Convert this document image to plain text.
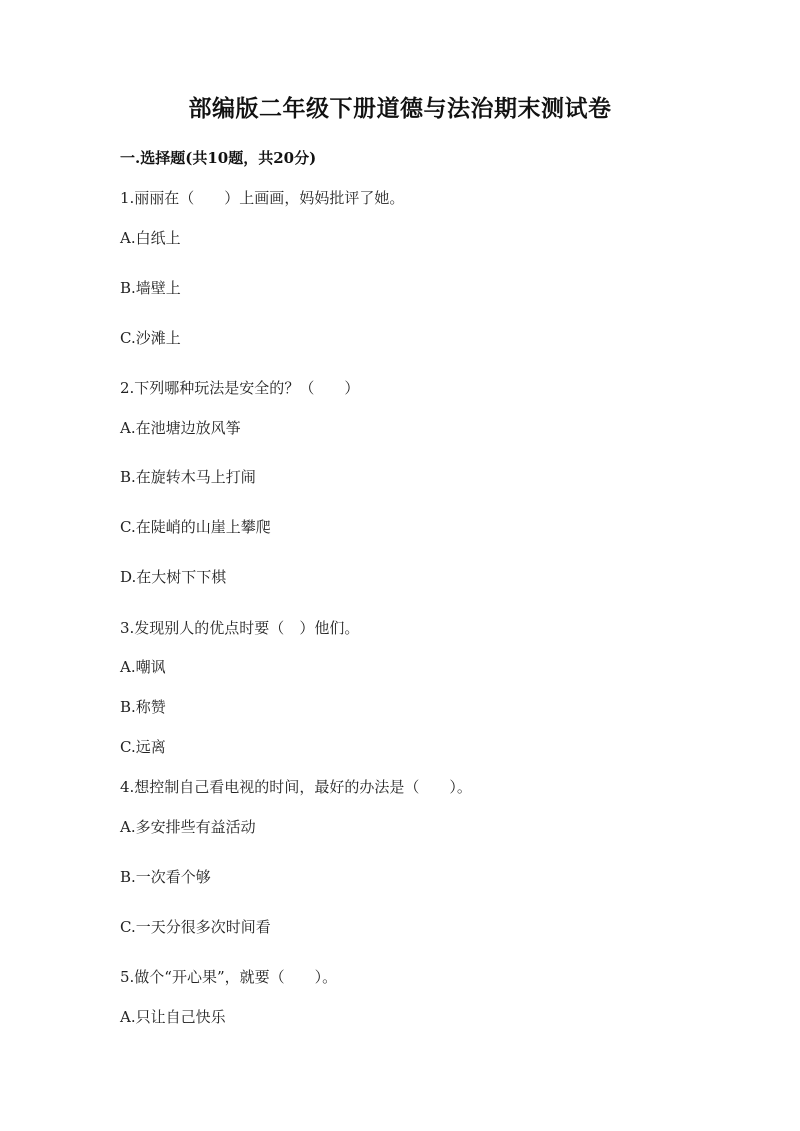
部编版二年级下册道德与法治期末测试卷
一.选择题(共10题，共20分)
1.丽丽在（　　）上画画，妈妈批评了她。
A.白纸上
B.墙壁上
C.沙滩上
2.下列哪种玩法是安全的？（　　）
A.在池塘边放风筝
B.在旋转木马上打闹
C.在陡峭的山崖上攀爬
D.在大树下下棋
3.发现别人的优点时要（　）他们。
A.嘲讽
B.称赞
C.远离
4.想控制自己看电视的时间，最好的办法是（　　）。
A.多安排些有益活动
B.一次看个够
C.一天分很多次时间看
5.做个“开心果”，就要（　　）。
A.只让自己快乐
